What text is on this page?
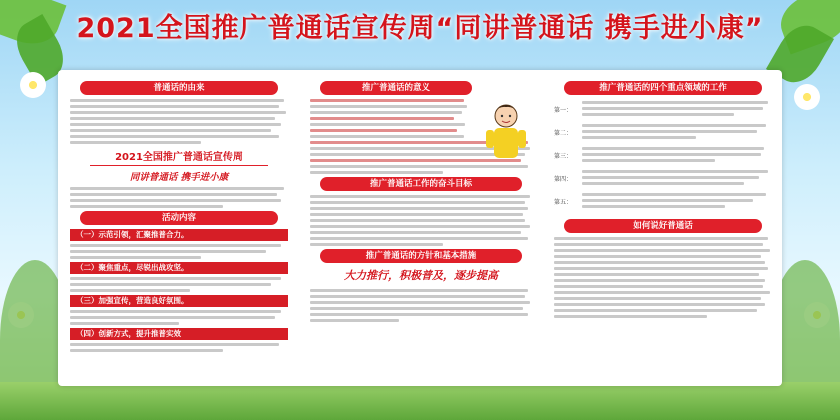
2021全国推广普通话宣传周“同讲普通话 携手进小康”
普通话的由来
2021全国推广普通话宣传周
同讲普通话 携手进小康
活动内容
（一）示范引领，汇聚推普合力。
（二）聚焦重点，尽锐出战攻坚。
（三）加强宣传，营造良好氛围。
（四）创新方式，提升推普实效
推广普通话的意义
推广普通话工作的奋斗目标
推广普通话的方针和基本措施
大力推行，积极普及，逐步提高
推广普通话的四个重点领域的工作
第一：
第二：
第三：
第四：
第五：
如何说好普通话
